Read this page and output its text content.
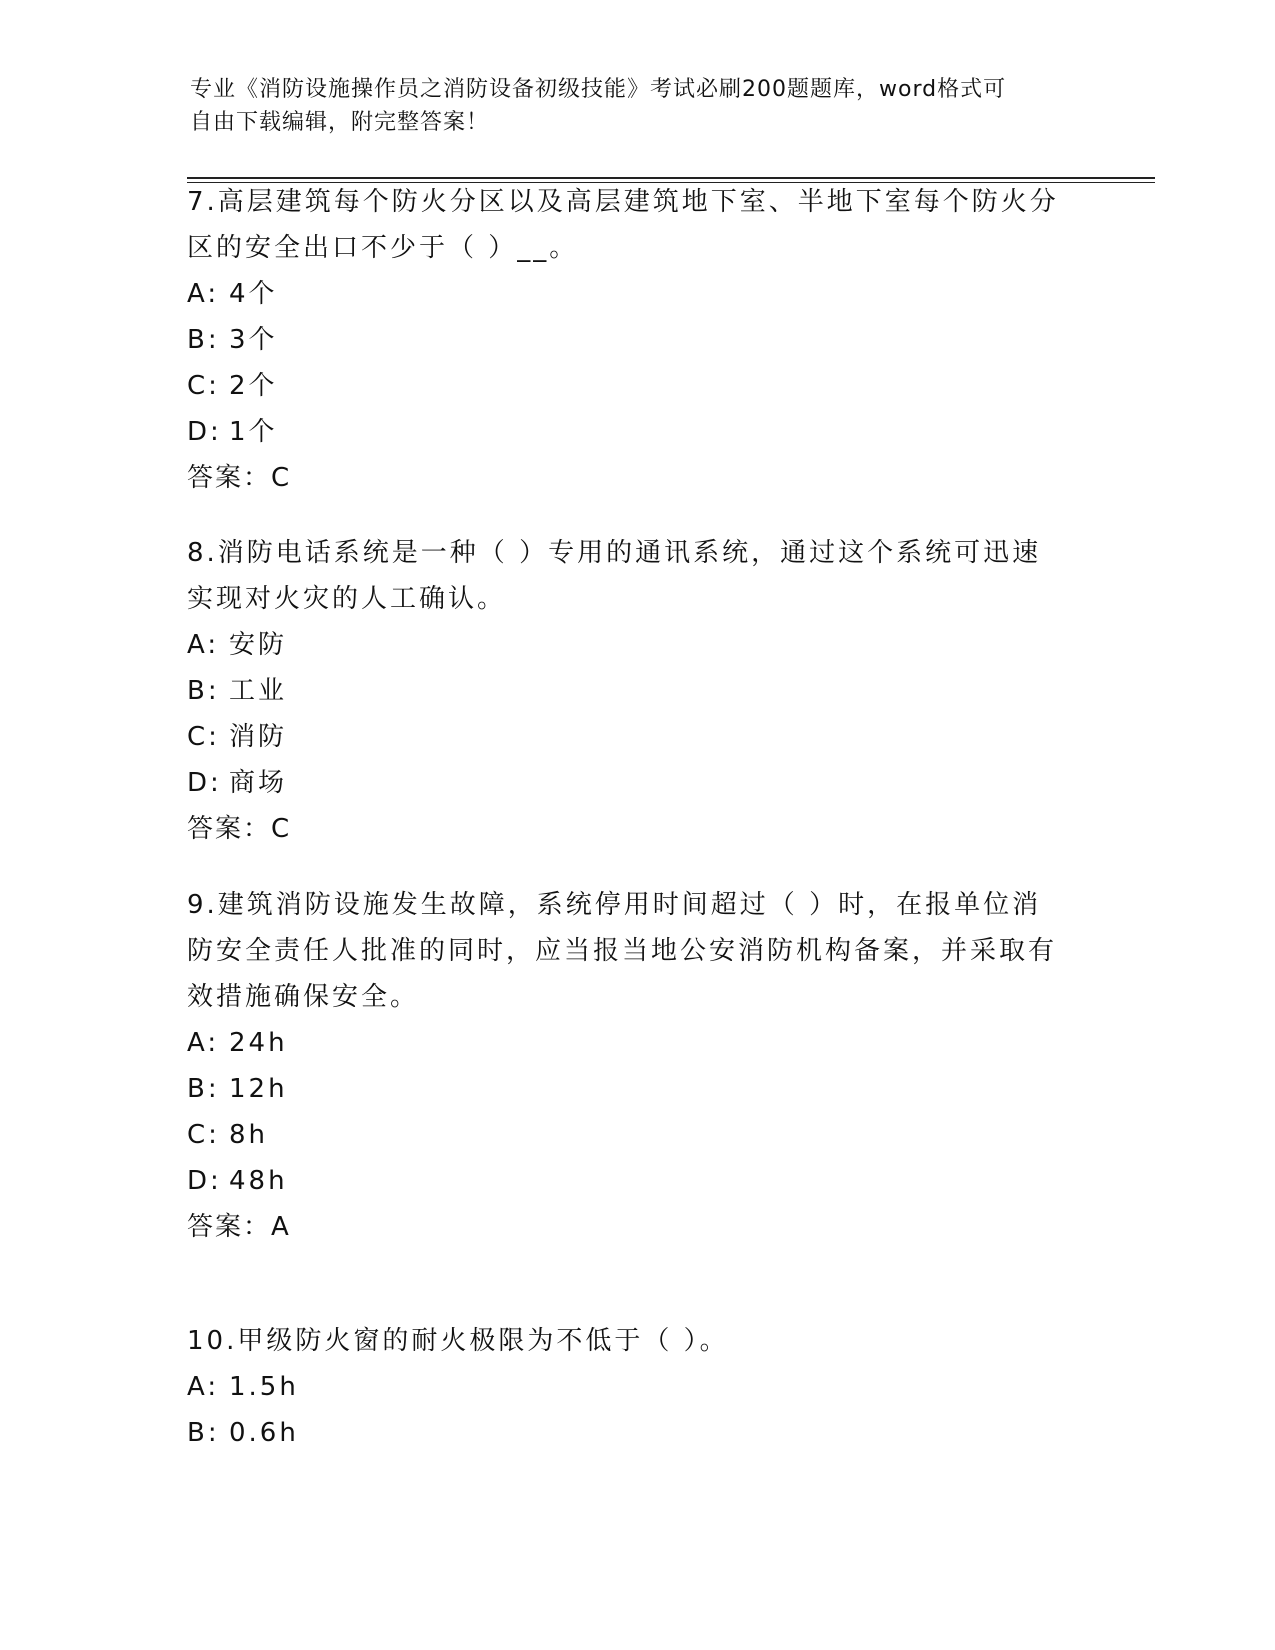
专业《消防设施操作员之消防设备初级技能》考试必刷200题题库，word格式可
自由下载编辑，附完整答案！
7.高层建筑每个防火分区以及高层建筑地下室、半地下室每个防火分区的安全出口不少于（ ）__。
A: 4个
B: 3个
C: 2个
D: 1个
答案：C
8.消防电话系统是一种（ ）专用的通讯系统，通过这个系统可迅速实现对火灾的人工确认。
A: 安防
B: 工业
C: 消防
D: 商场
答案：C
9.建筑消防设施发生故障，系统停用时间超过（ ）时，在报单位消防安全责任人批准的同时，应当报当地公安消防机构备案，并采取有效措施确保安全。
A: 24h
B: 12h
C: 8h
D: 48h
答案：A
10.甲级防火窗的耐火极限为不低于（ ）。
A: 1.5h
B: 0.6h
